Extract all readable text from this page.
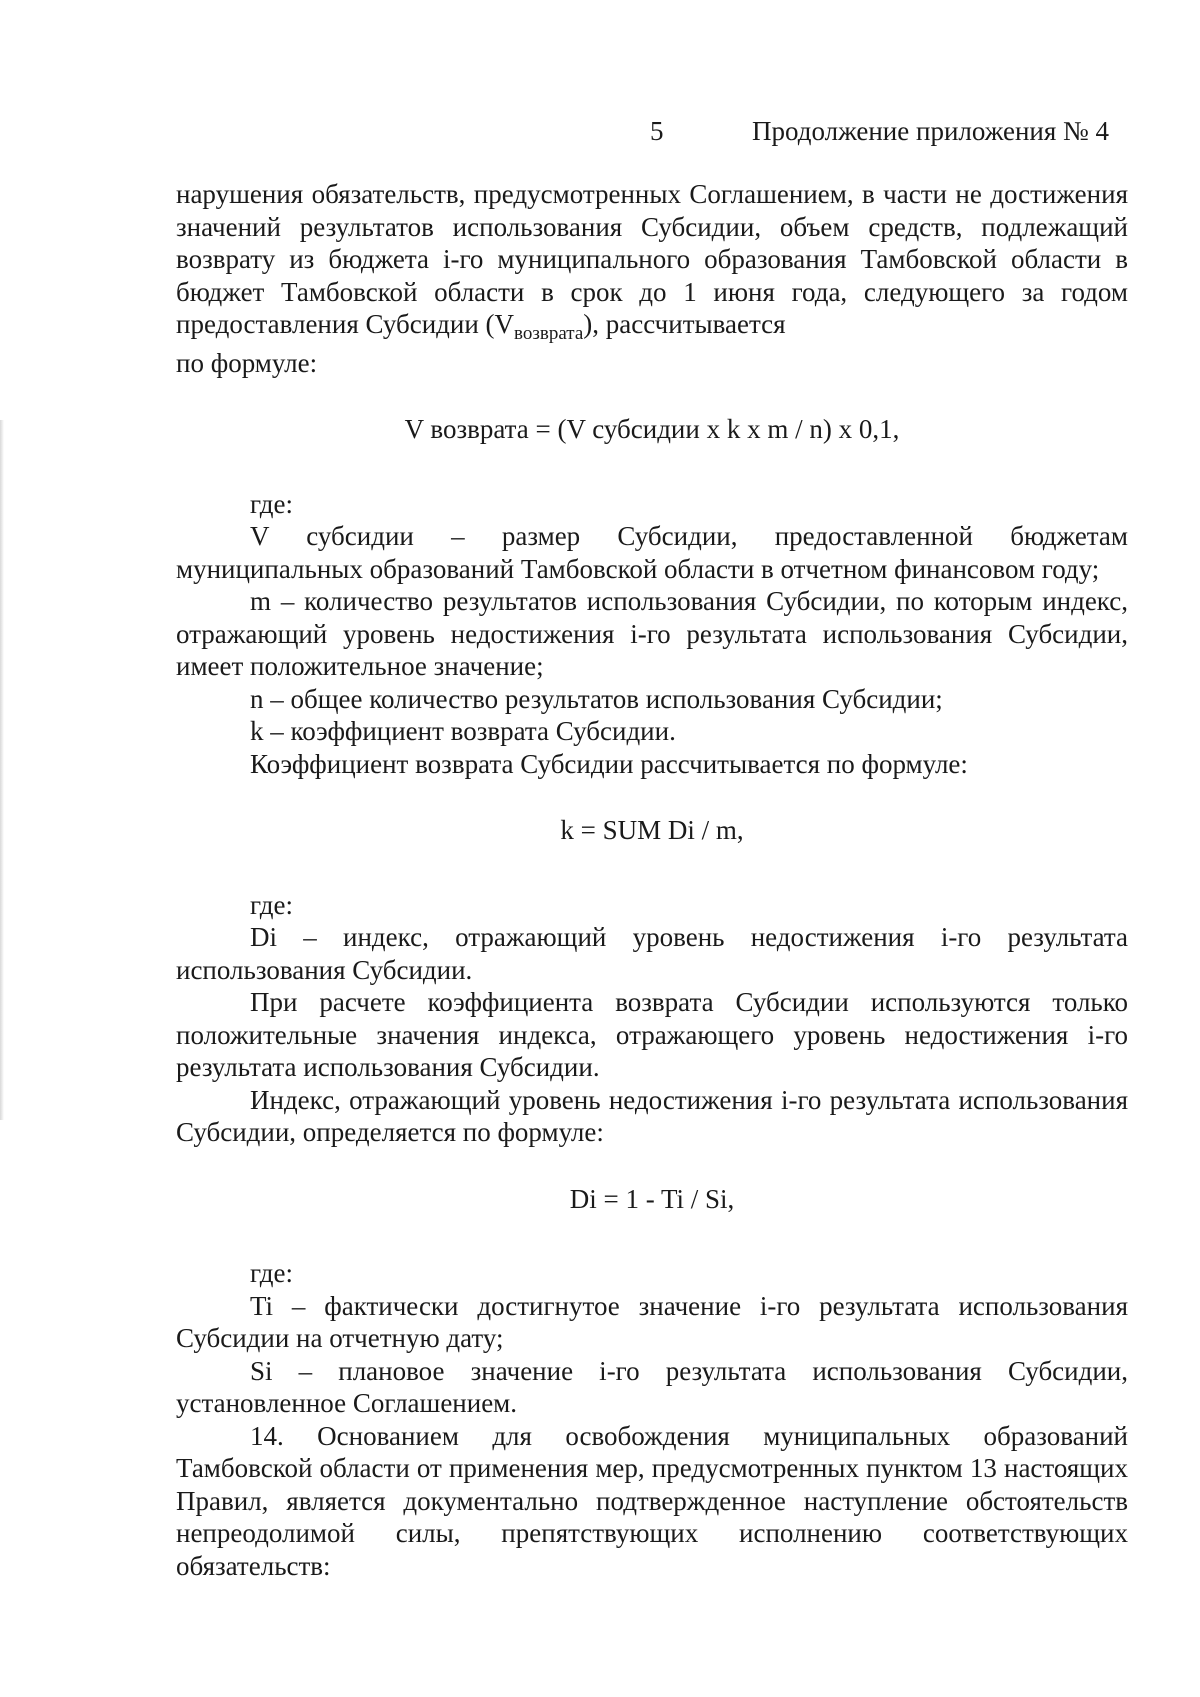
5	Продолжение приложения № 4

нарушения обязательств, предусмотренных Соглашением, в части не достижения значений результатов использования Субсидии, объем средств, подлежащий возврату из бюджета i-го муниципального образования Тамбовской области в бюджет Тамбовской области в срок до 1 июня года, следующего за годом предоставления Субсидии $(V_{возврата})$, рассчитывается

по формуле:

V возврата = (V субсидии x k x m / n) x 0,1,

где:

V субсидии – размер Субсидии, предоставленной бюджетам муниципальных образований Тамбовской области в отчетном финансовом году;

m – количество результатов использования Субсидии, по которым индекс, отражающий уровень недостижения i-го результата использования Субсидии, имеет положительное значение;

n – общее количество результатов использования Субсидии;

k – коэффициент возврата Субсидии.

Коэффициент возврата Субсидии рассчитывается по формуле:

k = SUM Di / m,

где:

Di – индекс, отражающий уровень недостижения i-го результата использования Субсидии.

При расчете коэффициента возврата Субсидии используются только положительные значения индекса, отражающего уровень недостижения i-го результата использования Субсидии.

Индекс, отражающий уровень недостижения i-го результата использования Субсидии, определяется по формуле:

Di = 1 - Ti / Si,

где:

Ti – фактически достигнутое значение i-го результата использования Субсидии на отчетную дату;

Si – плановое значение i-го результата использования Субсидии, установленное Соглашением.

14. Основанием для освобождения муниципальных образований Тамбовской области от применения мер, предусмотренных пунктом 13 настоящих Правил, является документально подтвержденное наступление обстоятельств непреодолимой силы, препятствующих исполнению соответствующих обязательств:
